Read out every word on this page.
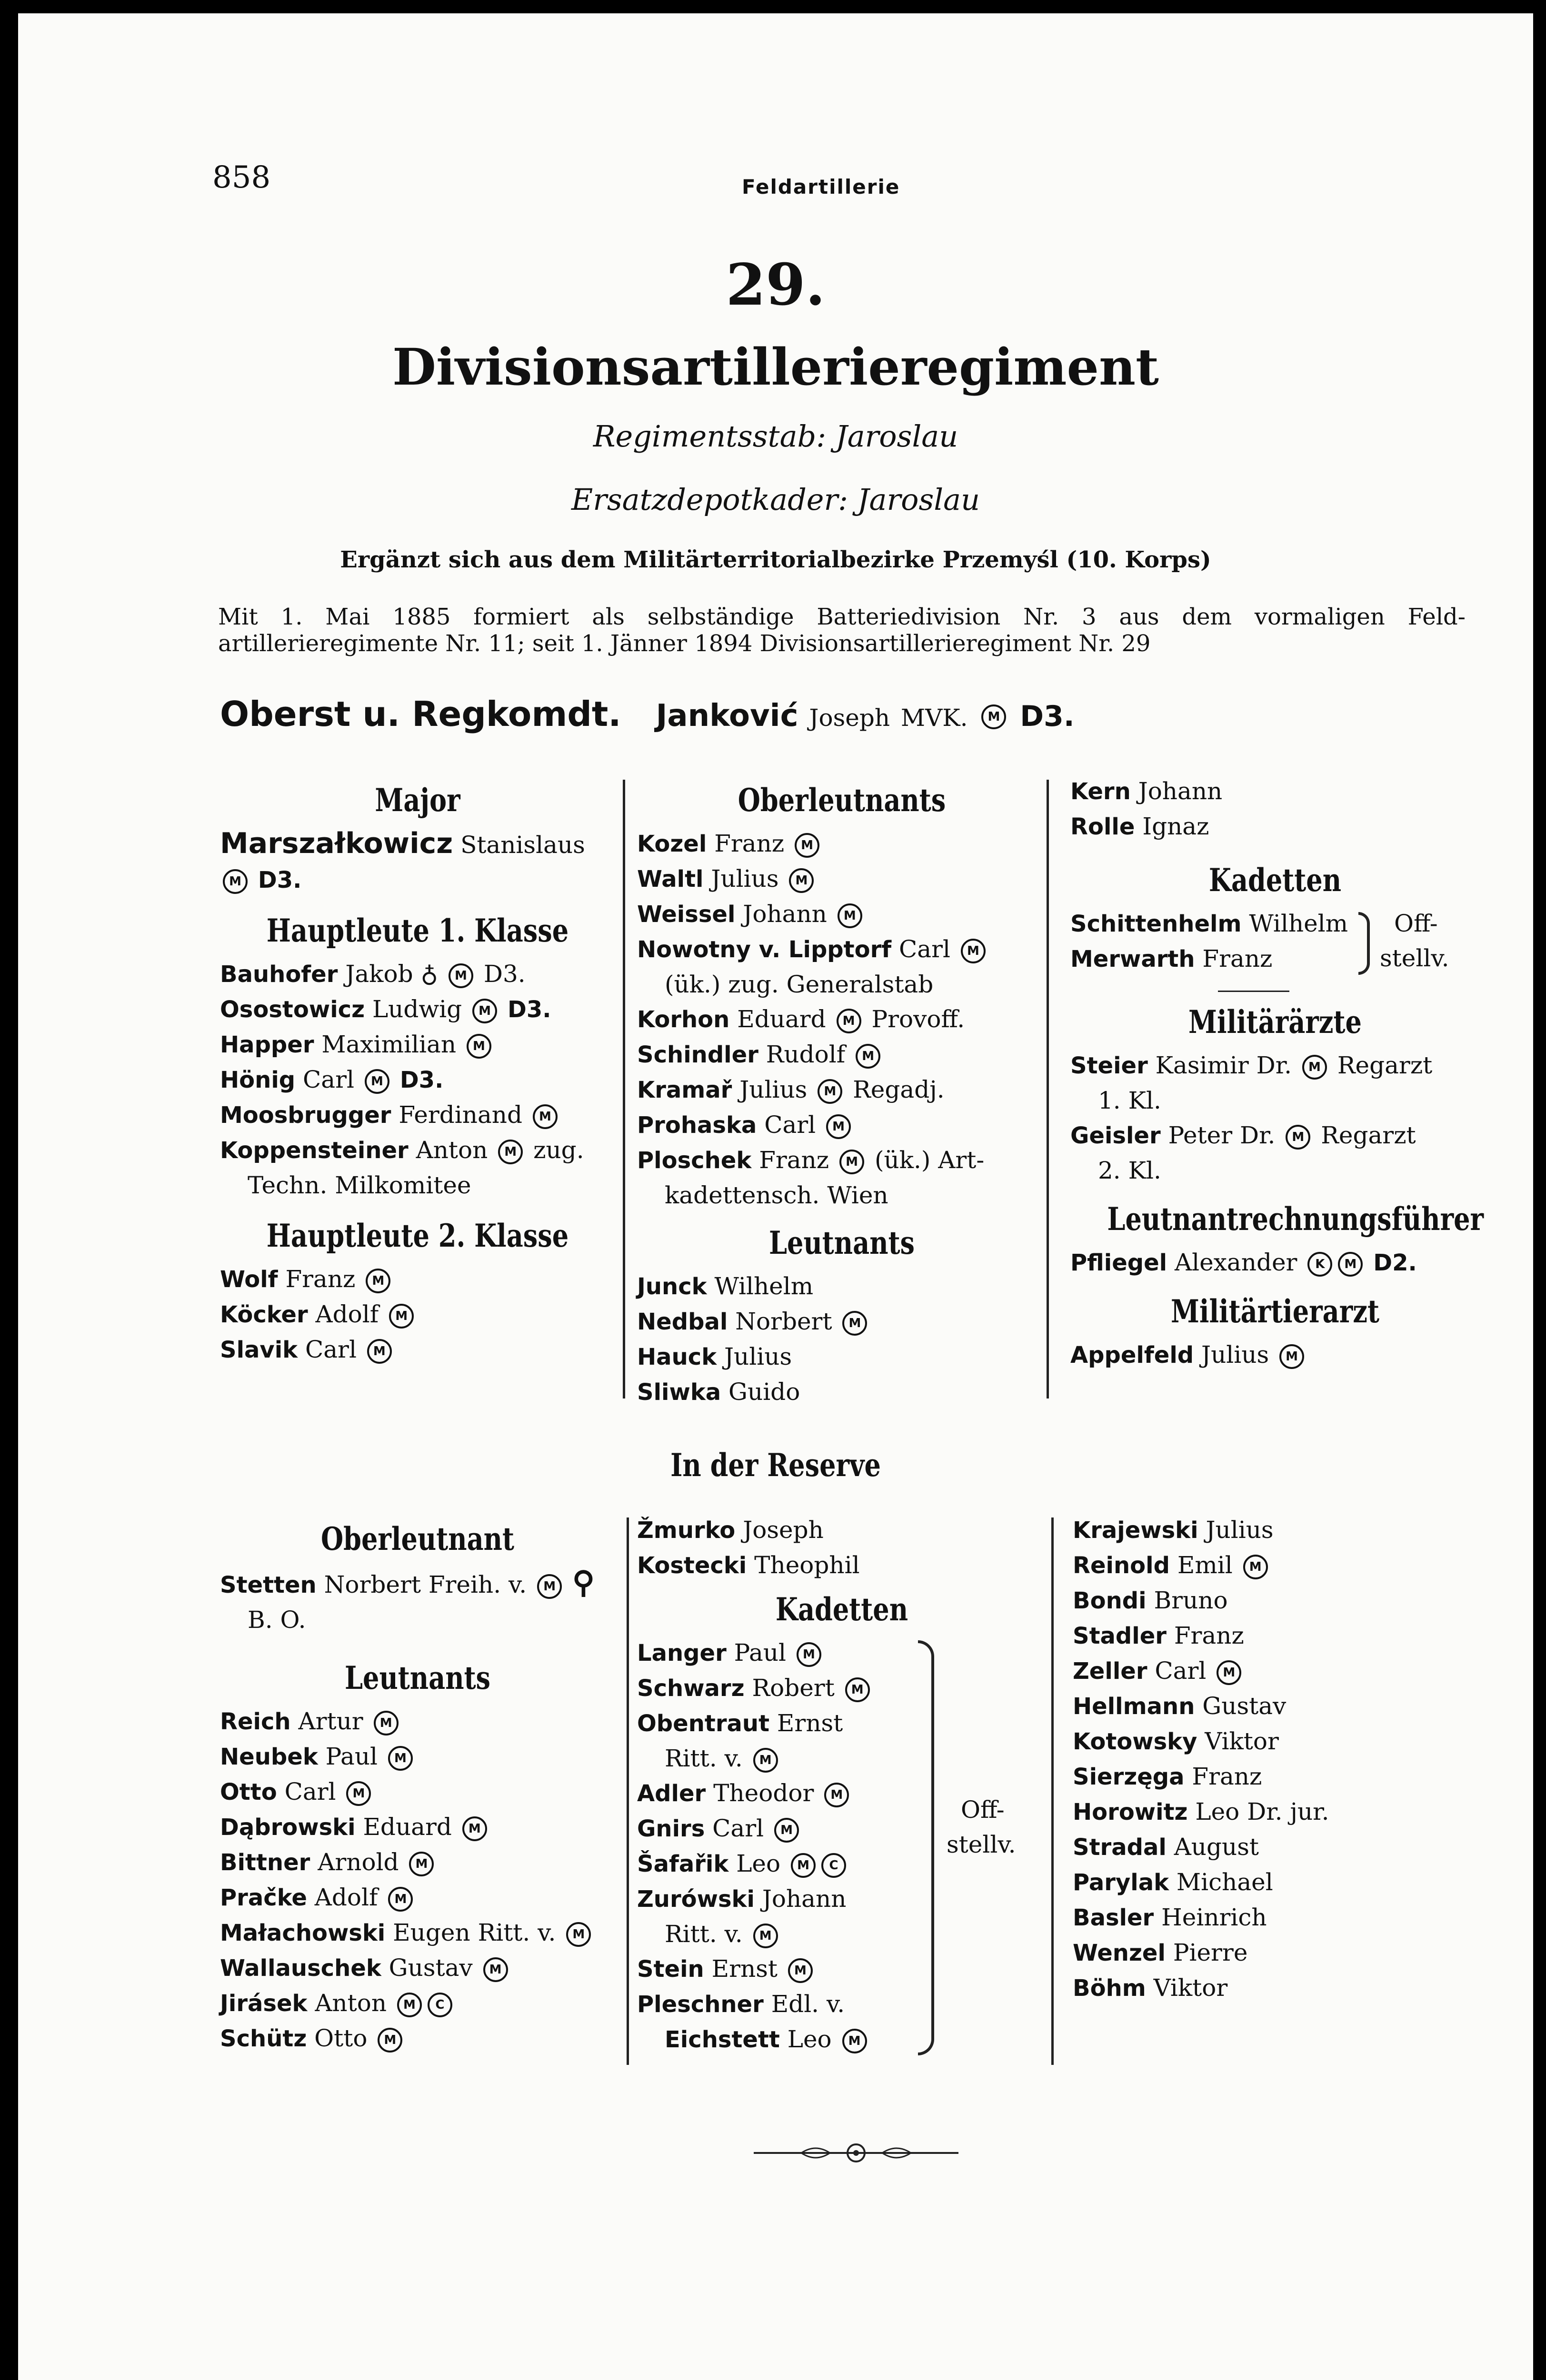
858	Feldartillerie
29.
Divisionsartillerieregiment
Regimentsstab: Jaroslau
Ersatzdepotkader: Jaroslau
Ergänzt sich aus dem Militärterritorialbezirke Przemyśl (10. Korps)
Mit 1. Mai 1885 formiert als selbständige Batteriedivision Nr. 3 aus dem vormaligen Feld-artillerieregimente Nr. 11; seit 1. Jänner 1894 Divisionsartillerieregiment Nr. 29
Oberst u. Regkomdt. Janković Joseph MVK. M D3.
Major
Marszałkowicz Stanislaus
M D3.
Hauptleute 1. Klasse
Bauhofer Jakob ♁ M D3.
Osostowicz Ludwig M D3.
Happer Maximilian M
Hönig Carl M D3.
Moosbrugger Ferdinand M
Koppensteiner Anton M zug.
Techn. Milkomitee
Hauptleute 2. Klasse
Wolf Franz M
Köcker Adolf M
Slavik Carl M
Oberleutnants
Kozel Franz M
Waltl Julius M
Weissel Johann M
Nowotny v. Lipptorf Carl M
(ük.) zug. Generalstab
Korhon Eduard M Provoff.
Schindler Rudolf M
Kramař Julius M Regadj.
Prohaska Carl M
Ploschek Franz M (ük.) Art-
kadettensch. Wien
Leutnants
Junck Wilhelm
Nedbal Norbert M
Hauck Julius
Sliwka Guido
Kern Johann
Rolle Ignaz
Kadetten
Schittenhelm Wilhelm
Merwarth Franz
Off-
stellv.
Militärärzte
Steier Kasimir Dr. M Regarzt
1. Kl.
Geisler Peter Dr. M Regarzt
2. Kl.
Leutnantrechnungsführer
Pfliegel Alexander K M D2.
Militärtierarzt
Appelfeld Julius M
In der Reserve
Oberleutnant
Stetten Norbert Freih. v. M ⚲
B. O.
Leutnants
Reich Artur M
Neubek Paul M
Otto Carl M
Dąbrowski Eduard M
Bittner Arnold M
Pračke Adolf M
Małachowski Eugen Ritt. v. M
Wallauschek Gustav M
Jirásek Anton M C
Schütz Otto M
Žmurko Joseph
Kostecki Theophil
Kadetten
Langer Paul M
Schwarz Robert M
Obentraut Ernst
Ritt. v. M
Adler Theodor M
Gnirs Carl M
Šafařik Leo M C
Zurówski Johann
Ritt. v. M
Stein Ernst M
Pleschner Edl. v.
Eichstett Leo M
Off-
stellv.
Krajewski Julius
Reinold Emil M
Bondi Bruno
Stadler Franz
Zeller Carl M
Hellmann Gustav
Kotowsky Viktor
Sierzęga Franz
Horowitz Leo Dr. jur.
Stradal August
Parylak Michael
Basler Heinrich
Wenzel Pierre
Böhm Viktor
